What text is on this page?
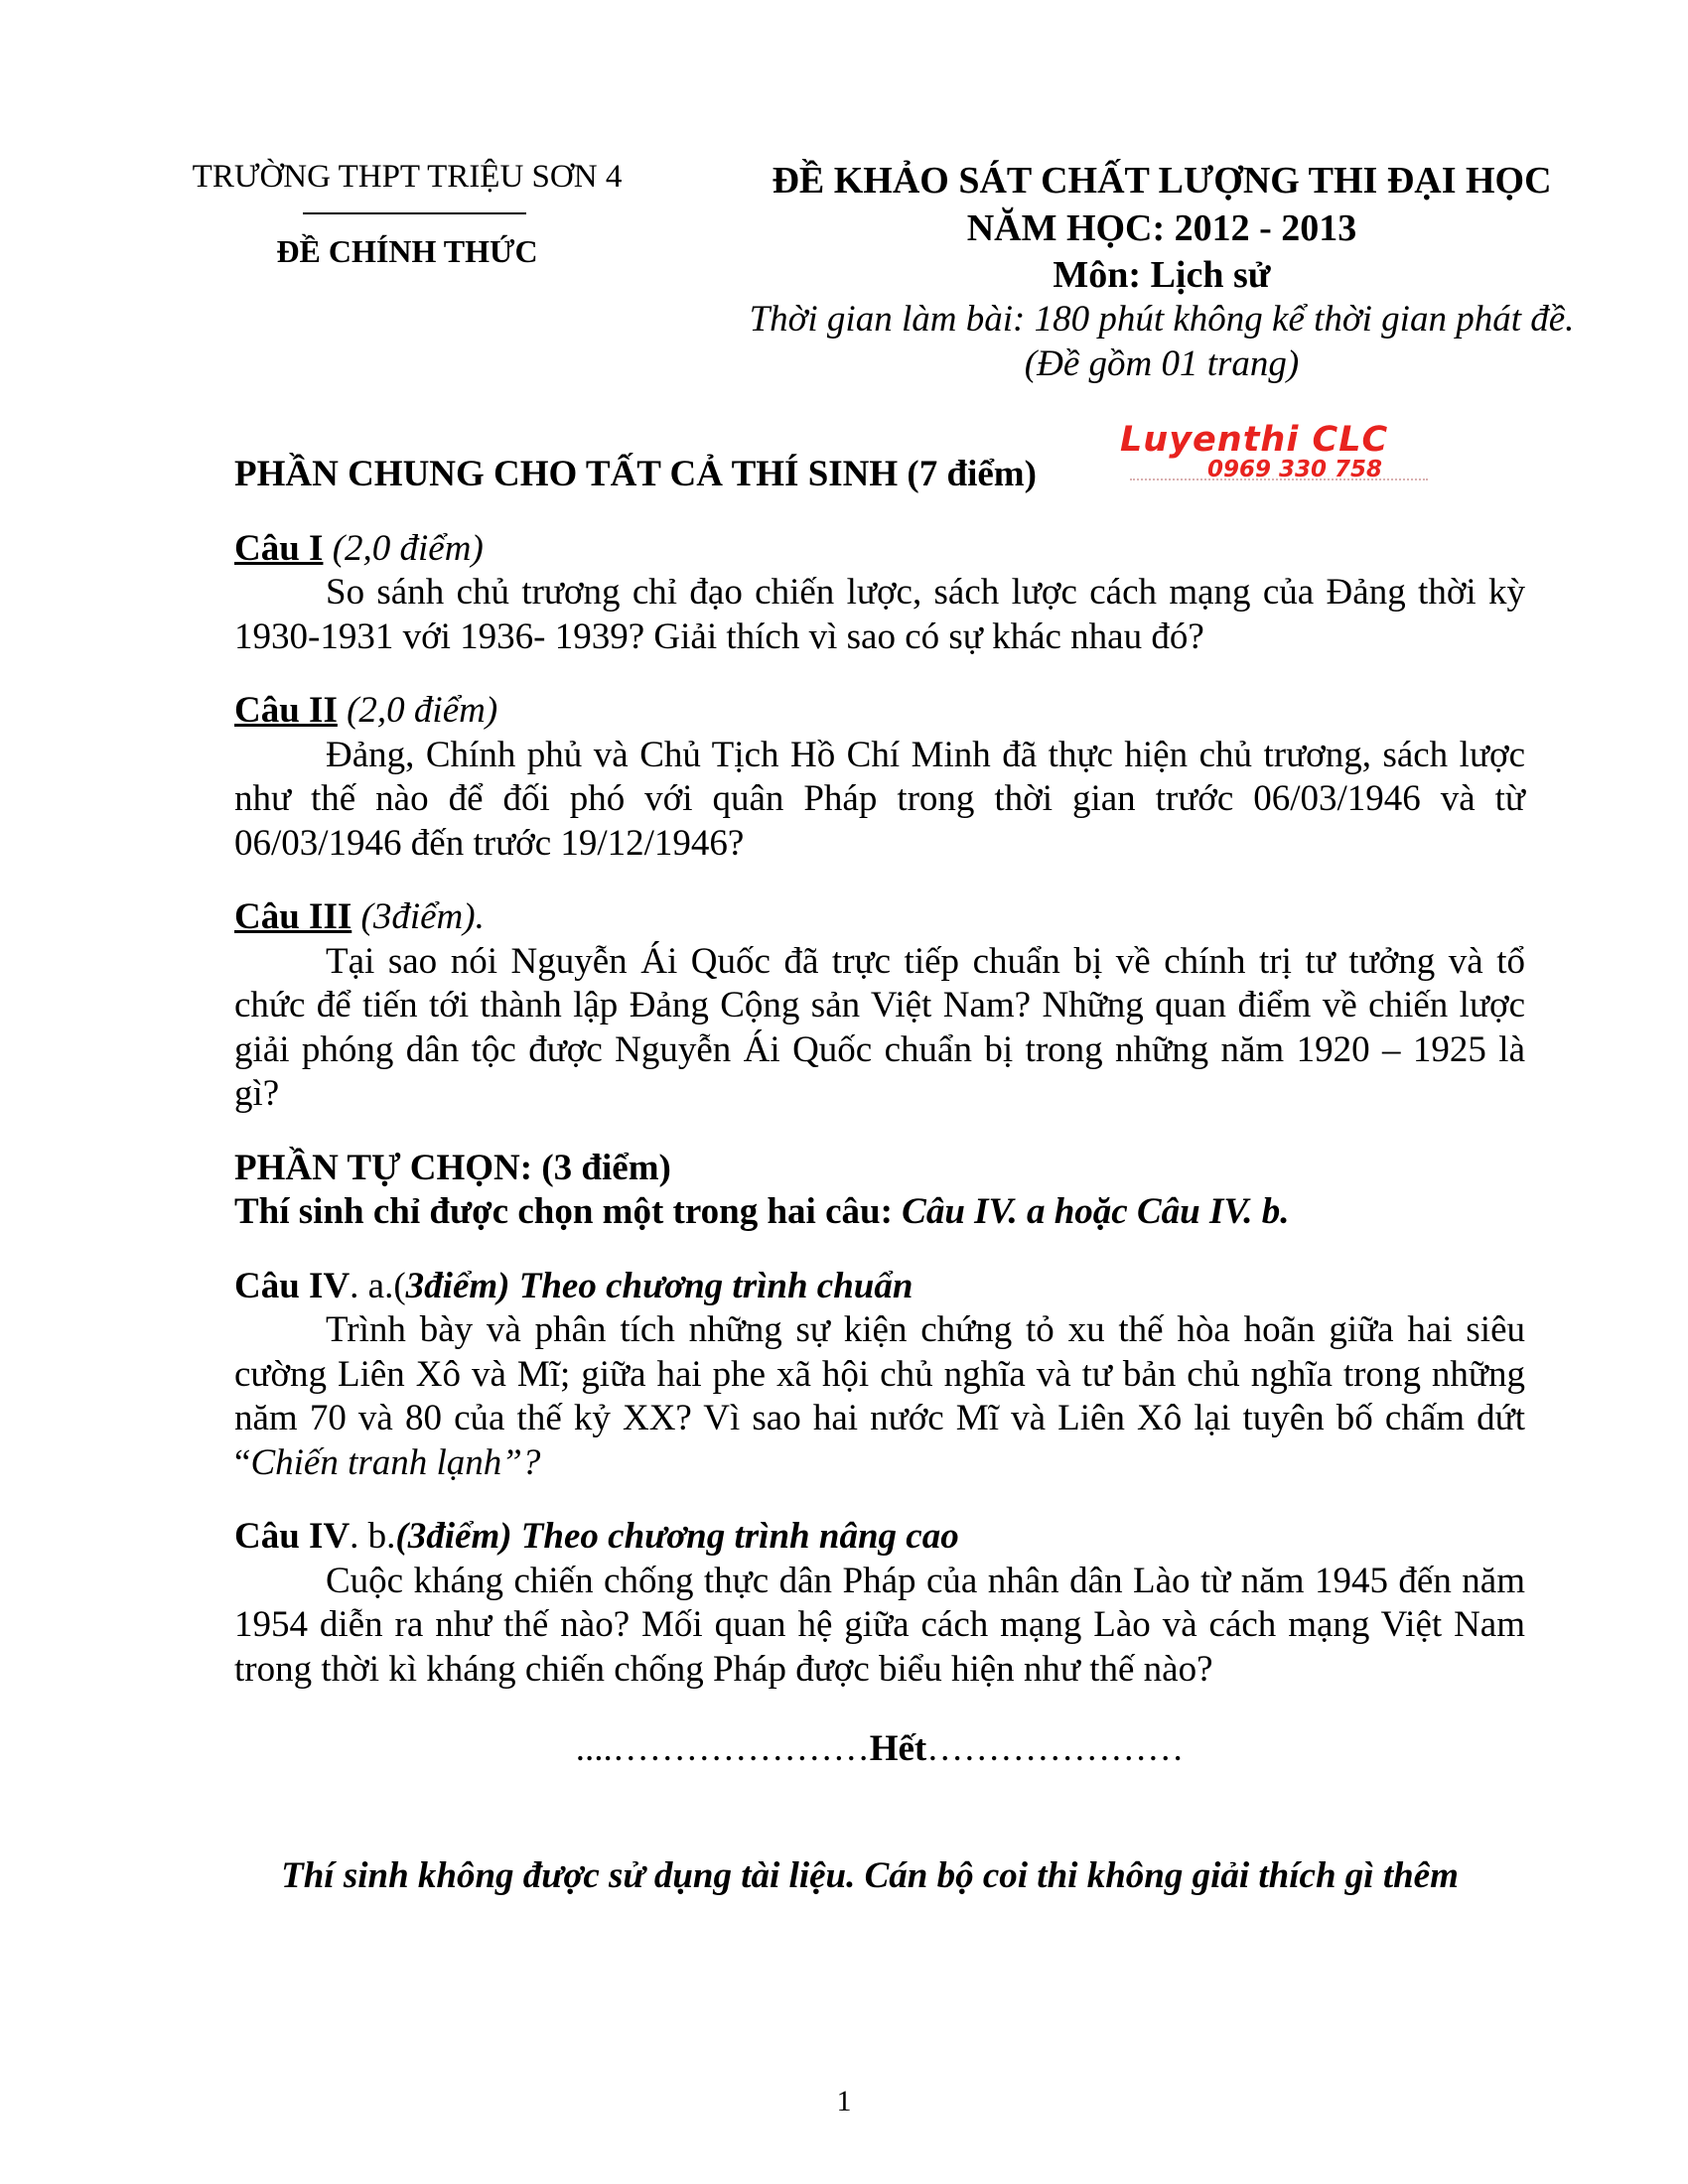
TRƯỜNG THPT TRIỆU SƠN 4
ĐỀ CHÍNH THỨC
ĐỀ KHẢO SÁT CHẤT LƯỢNG THI ĐẠI HỌC
NĂM HỌC: 2012 - 2013
Môn: Lịch sử
Thời gian làm bài: 180 phút không kể thời gian phát đề.
(Đề gồm 01 trang)
Luyenthi CLC
0969 330 758

PHẦN CHUNG CHO TẤT CẢ THÍ SINH (7 điểm)

Câu I (2,0 điểm)

So sánh chủ trương chỉ đạo chiến lược, sách lược cách mạng của Đảng thời kỳ 1930-1931 với 1936- 1939? Giải thích vì sao có sự khác nhau đó?

Câu II (2,0 điểm)

Đảng, Chính phủ và Chủ Tịch Hồ Chí Minh đã thực hiện chủ trương, sách lược như thế nào để đối phó với quân Pháp trong thời gian trước 06/03/1946 và từ 06/03/1946 đến trước 19/12/1946?

Câu III (3điểm).

Tại sao nói Nguyễn Ái Quốc đã trực tiếp chuẩn bị về chính trị tư tưởng và tổ chức để tiến tới thành lập Đảng Cộng sản Việt Nam? Những quan điểm về chiến lược giải phóng dân tộc được Nguyễn Ái Quốc chuẩn bị trong những năm 1920 – 1925 là gì?

PHẦN TỰ CHỌN: (3 điểm)

Thí sinh chỉ được chọn một trong hai câu: Câu IV. a hoặc Câu IV. b.

Câu IV. a.(3điểm) Theo chương trình chuẩn

Trình bày và phân tích những sự kiện chứng tỏ xu thế hòa hoãn giữa hai siêu cường Liên Xô và Mĩ; giữa hai phe xã hội chủ nghĩa và tư bản chủ nghĩa trong những năm 70 và 80 của thế kỷ XX? Vì sao hai nước Mĩ và Liên Xô lại tuyên bố chấm dứt “Chiến tranh lạnh”?

Câu IV. b.(3điểm) Theo chương trình nâng cao

Cuộc kháng chiến chống thực dân Pháp của nhân dân Lào từ năm 1945 đến năm 1954 diễn ra như thế nào? Mối quan hệ giữa cách mạng Lào và cách mạng Việt Nam trong thời kì kháng chiến chống Pháp được biểu hiện như thế nào?

....…………………Hết…………………

Thí sinh không được sử dụng tài liệu. Cán bộ coi thi không giải thích gì thêm

1
